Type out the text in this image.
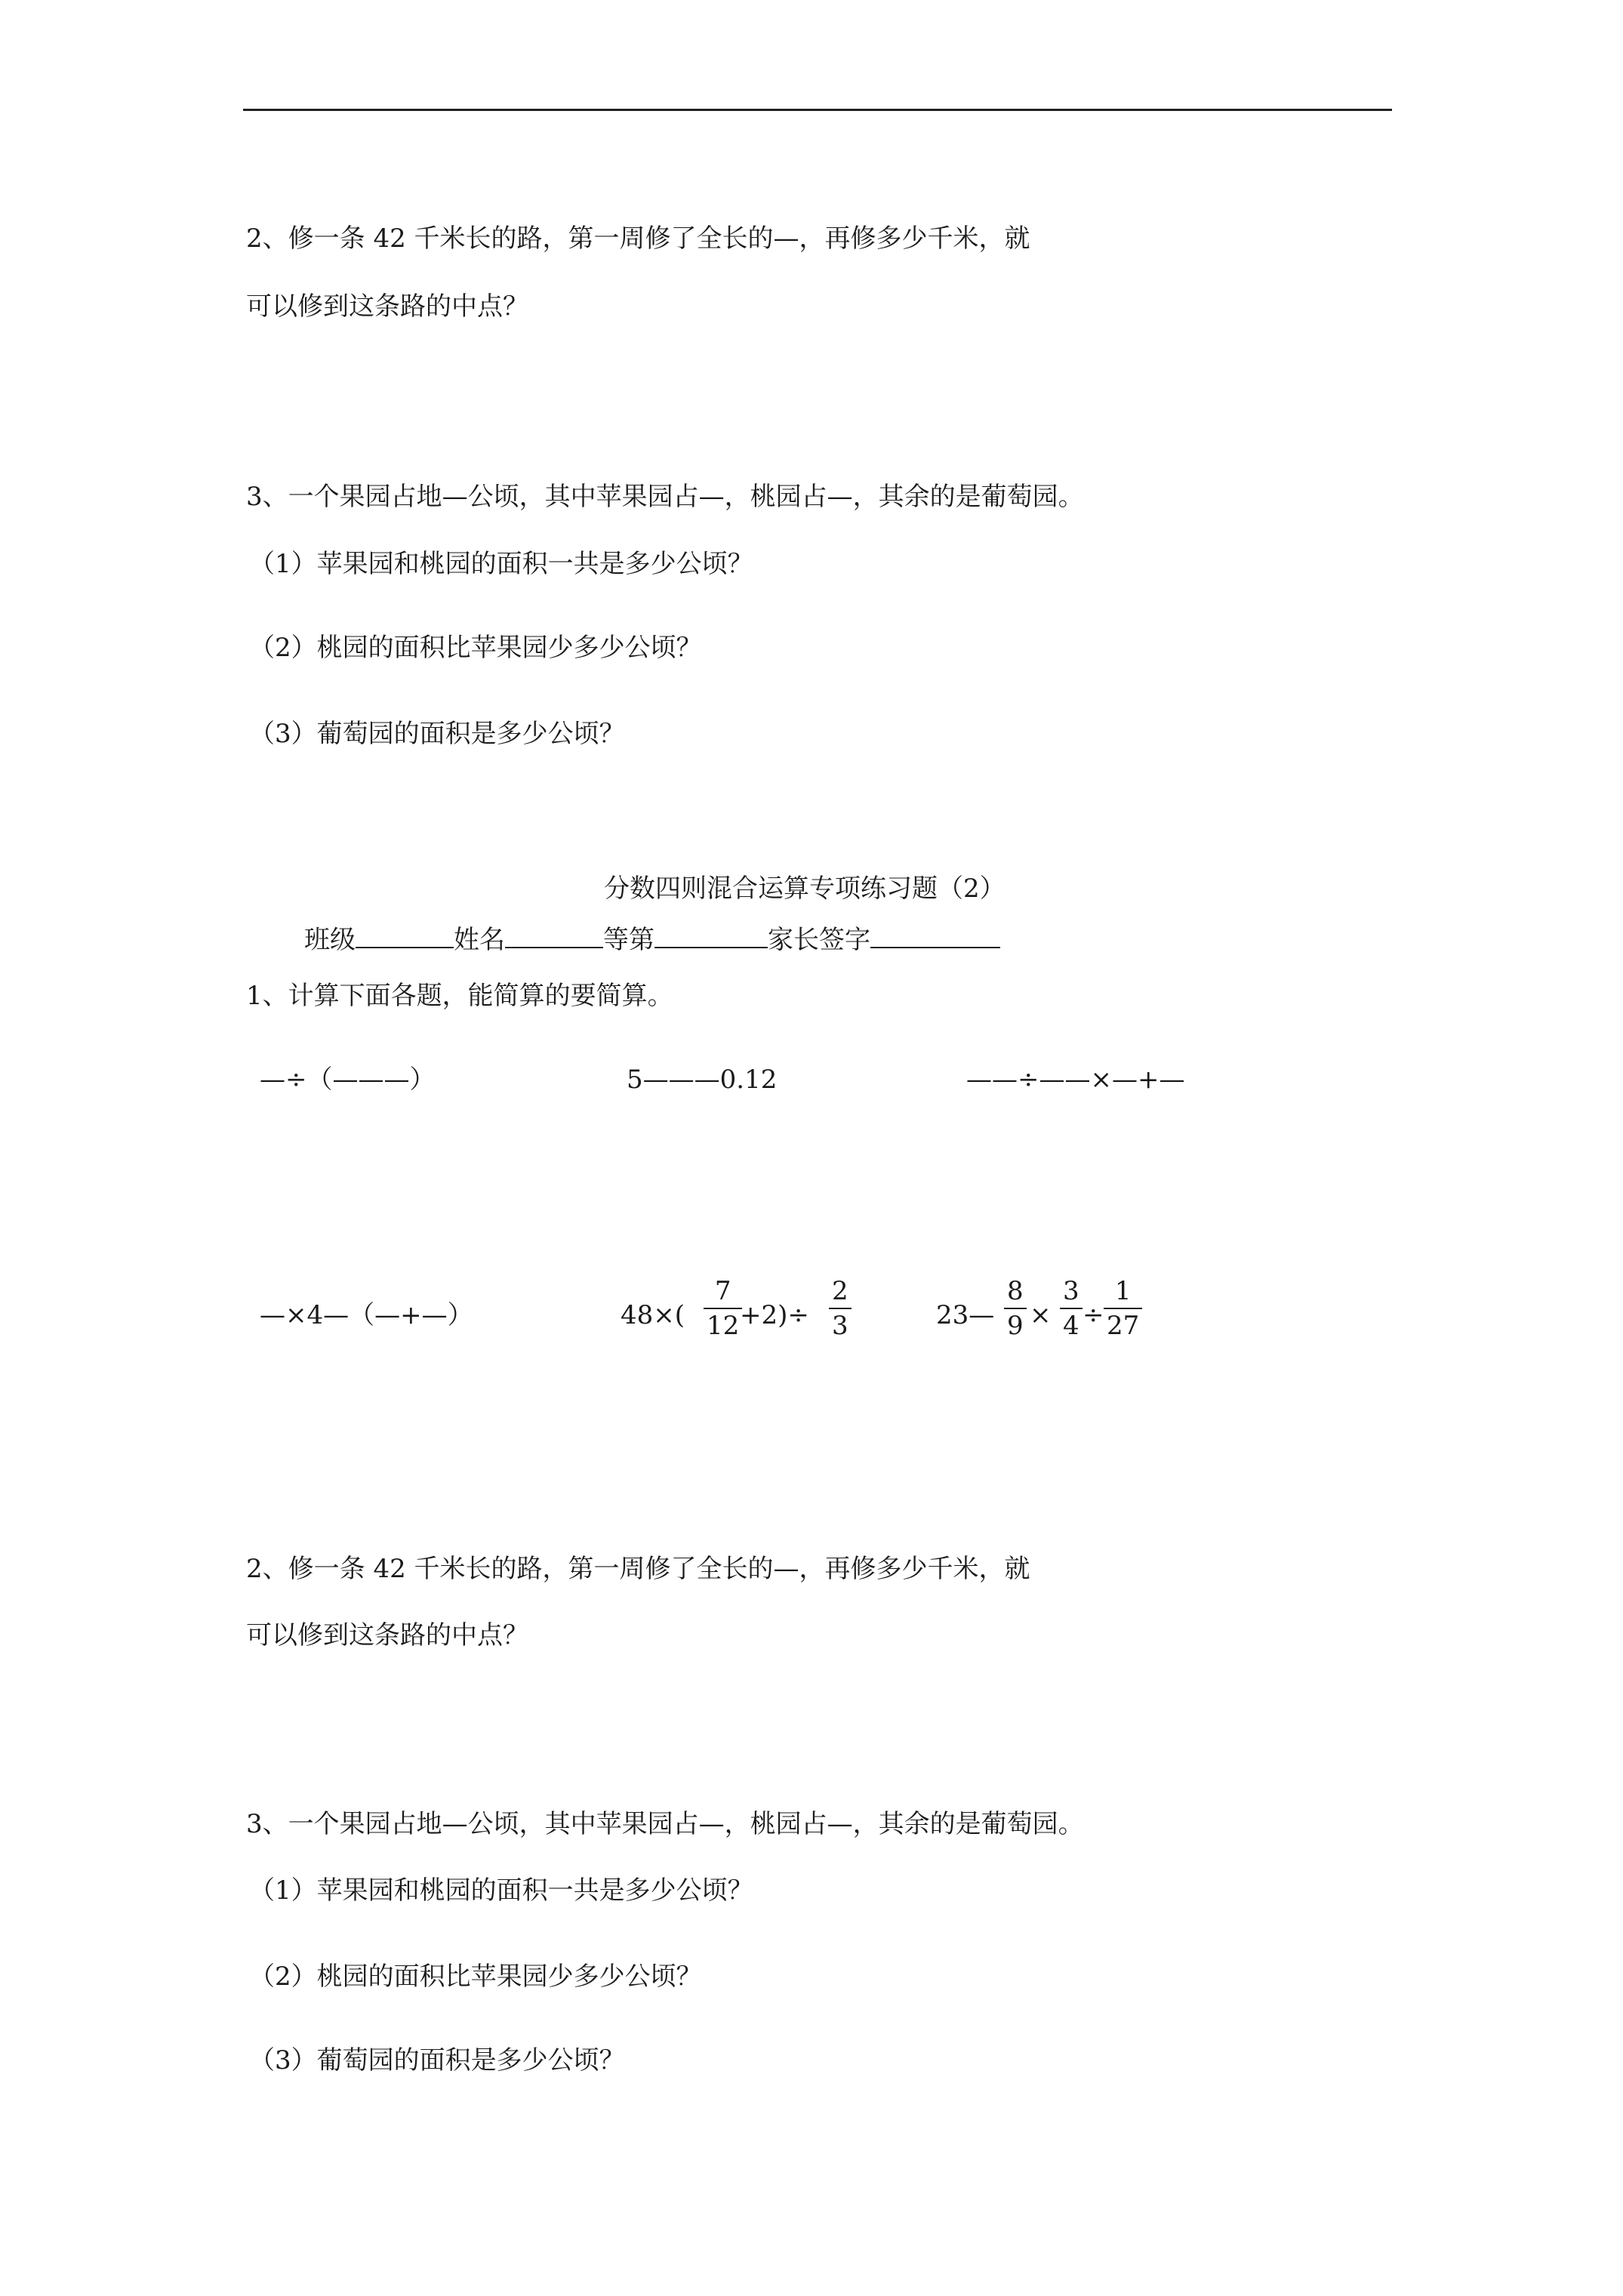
2、修一条 42 千米长的路，第一周修了全长的—，再修多少千米，就
可以修到这条路的中点？
3、一个果园占地—公顷，其中苹果园占—，桃园占—，其余的是葡萄园。
（1）苹果园和桃园的面积一共是多少公顷？
（2）桃园的面积比苹果园少多少公顷？
（3）葡萄园的面积是多少公顷？
分数四则混合运算专项练习题（2）
班级	姓名	等第	家长签字
1、计算下面各题，能简算的要简算。
—÷（———）	5———0.12	——÷——×—+—
—×4—（—+—）	48×(
7
12 +2)÷
2
3	23—
8
9 ×
3
4 ÷
1
27
2、修一条 42 千米长的路，第一周修了全长的—，再修多少千米，就
可以修到这条路的中点？
3、一个果园占地—公顷，其中苹果园占—，桃园占—，其余的是葡萄园。
（1）苹果园和桃园的面积一共是多少公顷？
（2）桃园的面积比苹果园少多少公顷？
（3）葡萄园的面积是多少公顷？
